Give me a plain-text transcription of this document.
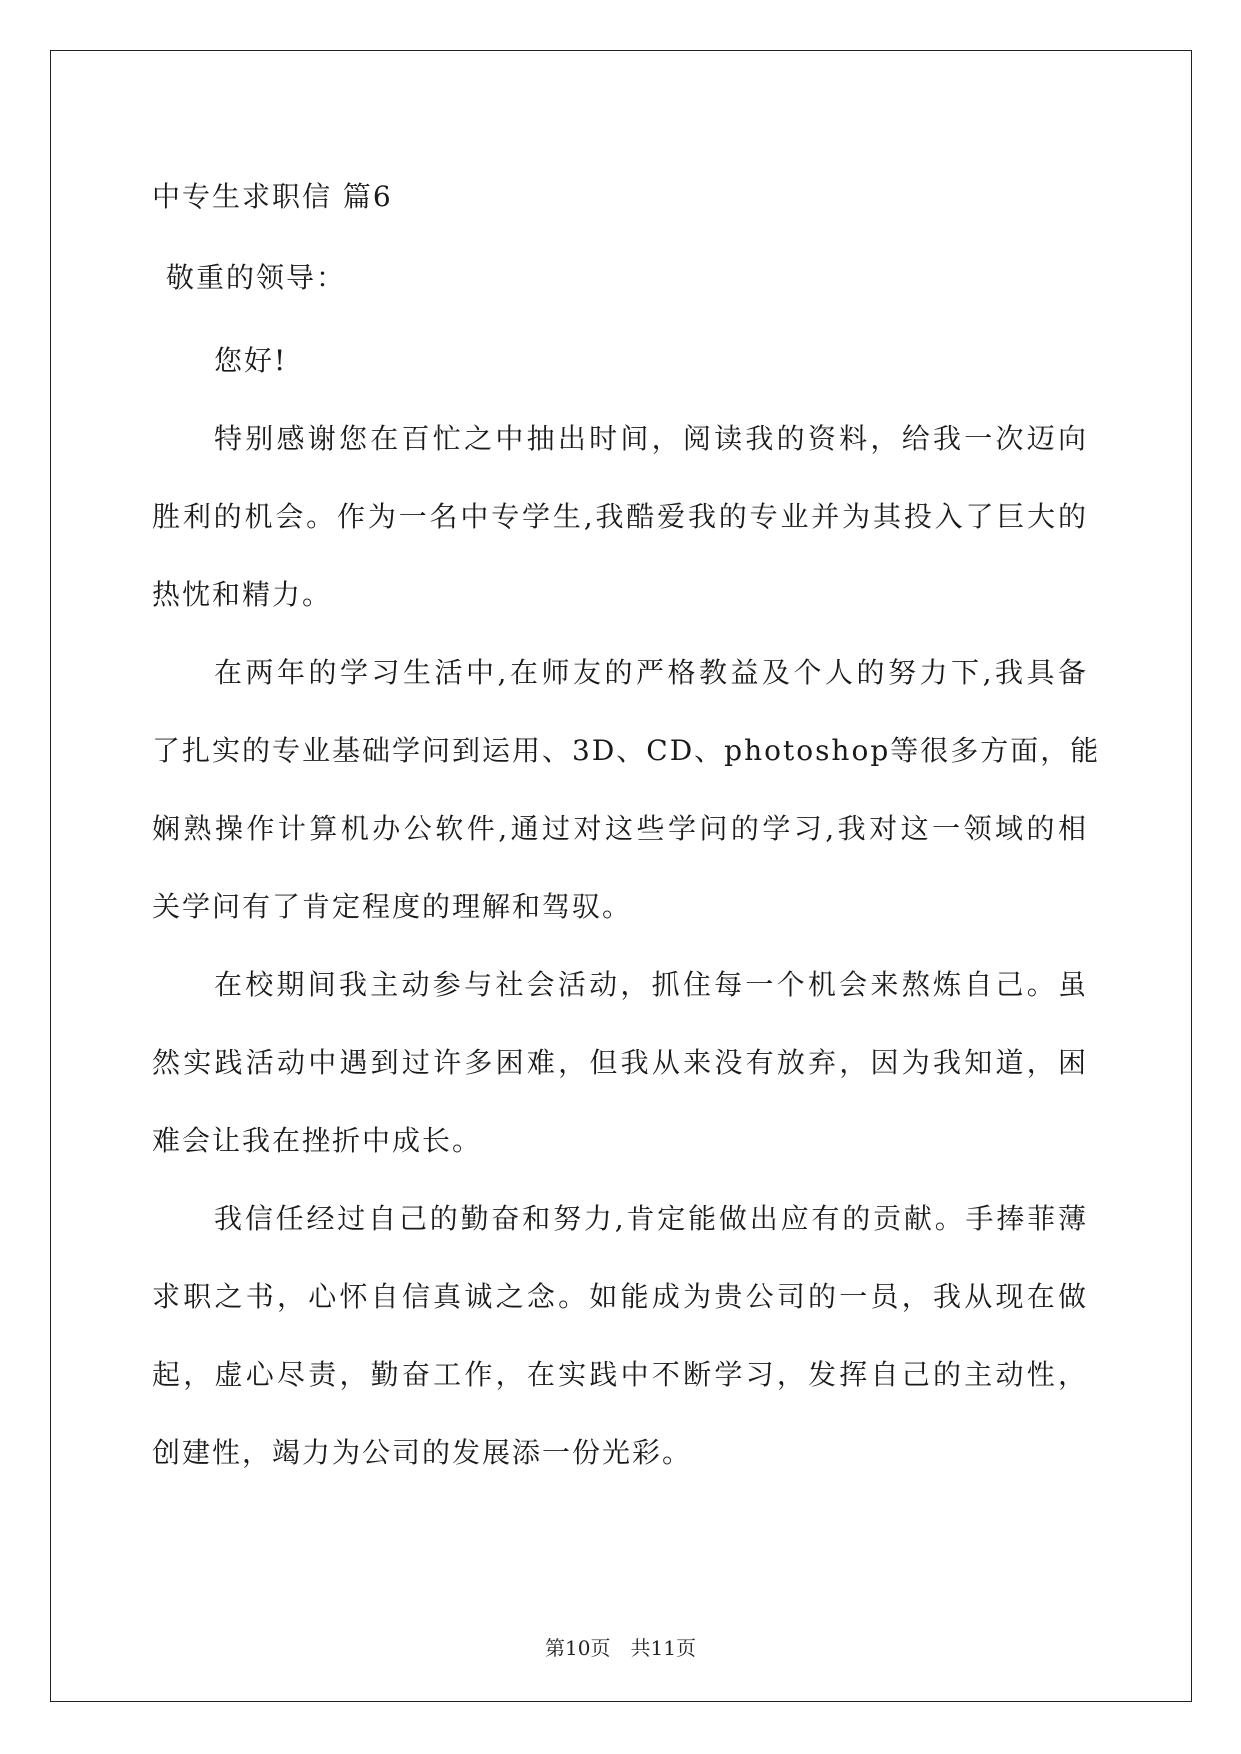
中专生求职信 篇6

敬重的领导：

您好!

特别感谢您在百忙之中抽出时间，阅读我的资料，给我一次迈向

胜利的机会。作为一名中专学生,我酷爱我的专业并为其投入了巨大的

热忱和精力。

在两年的学习生活中,在师友的严格教益及个人的努力下,我具备

了扎实的专业基础学问到运用、3D、CD、photoshop等很多方面，能

娴熟操作计算机办公软件,通过对这些学问的学习,我对这一领域的相

关学问有了肯定程度的理解和驾驭。

在校期间我主动参与社会活动，抓住每一个机会来熬炼自己。虽

然实践活动中遇到过许多困难，但我从来没有放弃，因为我知道，困

难会让我在挫折中成长。

我信任经过自己的勤奋和努力,肯定能做出应有的贡献。手捧菲薄

求职之书，心怀自信真诚之念。如能成为贵公司的一员，我从现在做

起，虚心尽责，勤奋工作，在实践中不断学习，发挥自己的主动性，

创建性，竭力为公司的发展添一份光彩。

第10页 共11页
